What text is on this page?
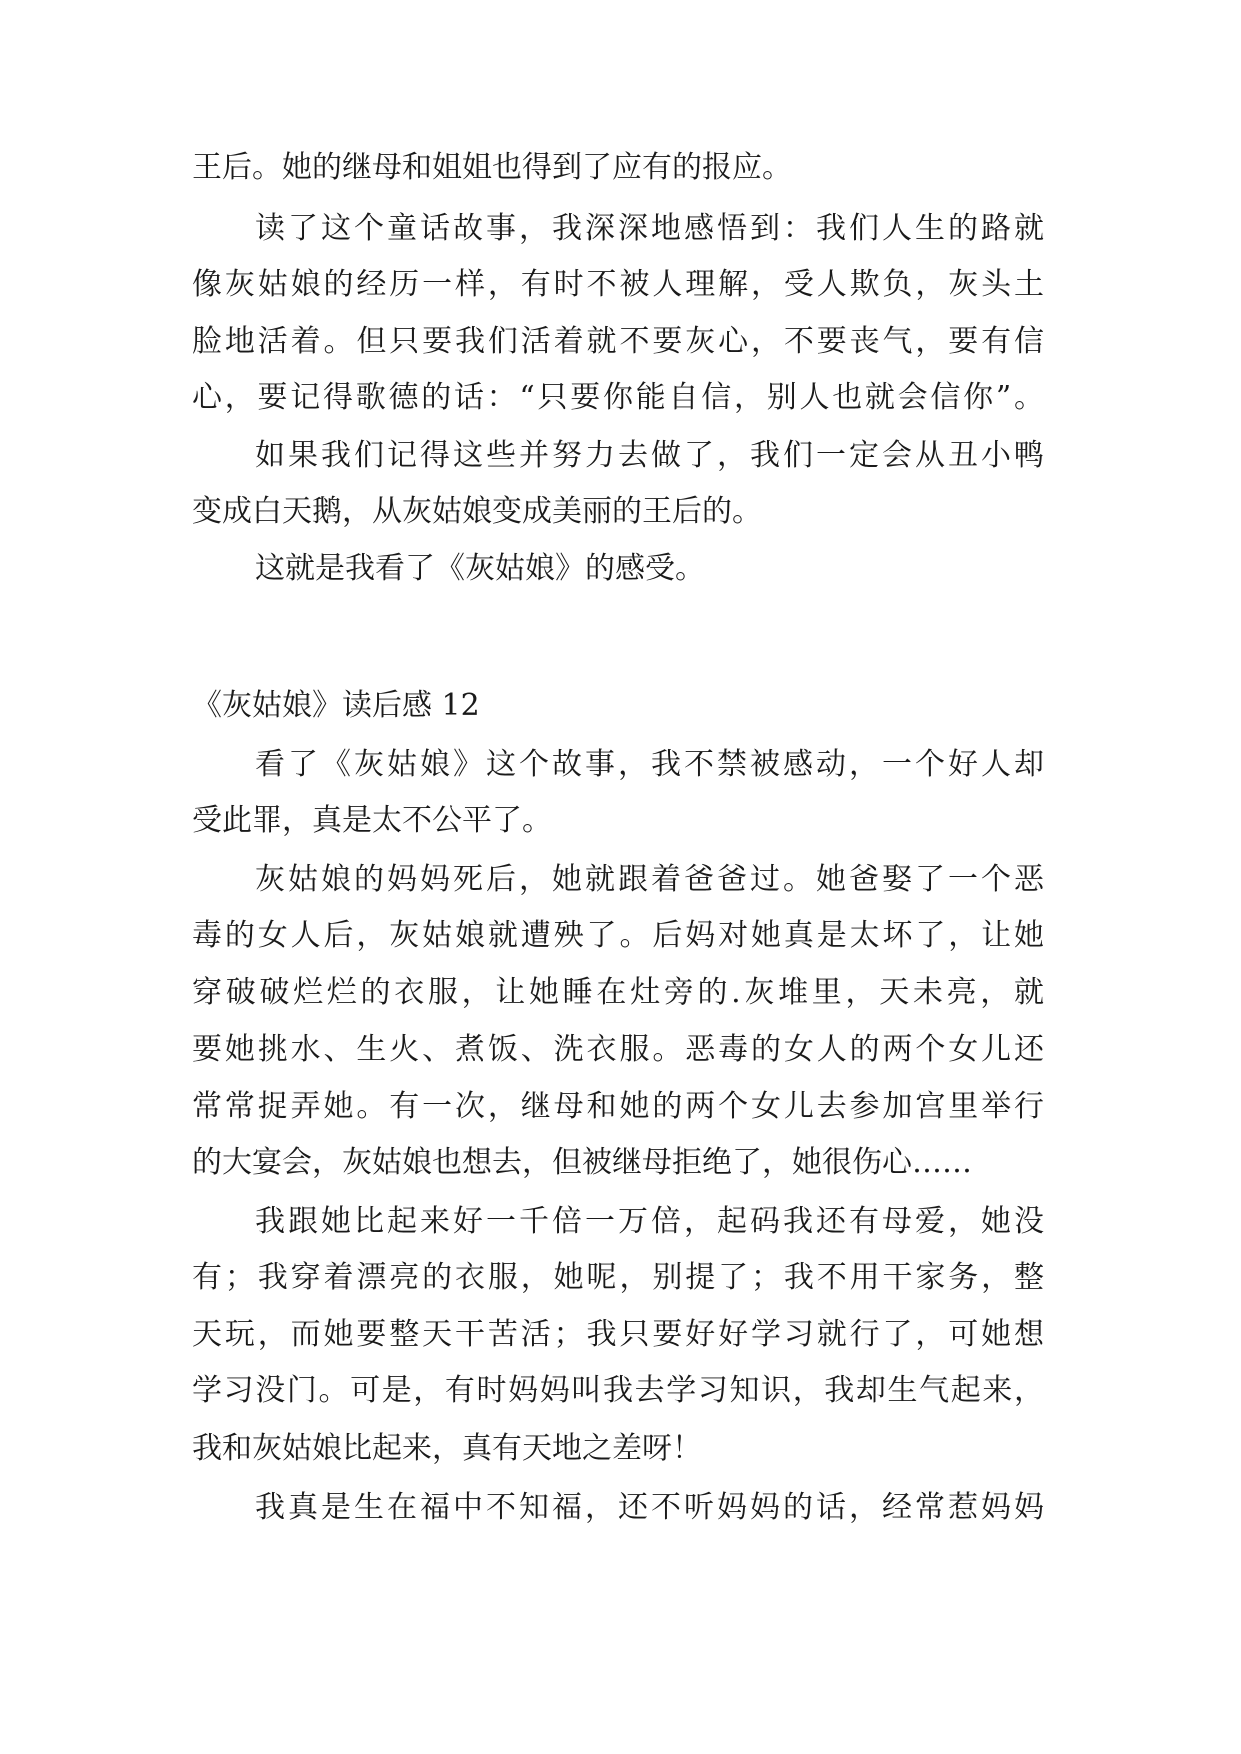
王后。她的继母和姐姐也得到了应有的报应。
读了这个童话故事，我深深地感悟到：我们人生的路就
像灰姑娘的经历一样，有时不被人理解，受人欺负，灰头土
脸地活着。但只要我们活着就不要灰心，不要丧气，要有信
心，要记得歌德的话：“只要你能自信，别人也就会信你”。
如果我们记得这些并努力去做了，我们一定会从丑小鸭
变成白天鹅，从灰姑娘变成美丽的王后的。
这就是我看了《灰姑娘》的感受。
《灰姑娘》读后感 12
看了《灰姑娘》这个故事，我不禁被感动，一个好人却
受此罪，真是太不公平了。
灰姑娘的妈妈死后，她就跟着爸爸过。她爸娶了一个恶
毒的女人后，灰姑娘就遭殃了。后妈对她真是太坏了，让她
穿破破烂烂的衣服，让她睡在灶旁的.灰堆里，天未亮，就
要她挑水、生火、煮饭、洗衣服。恶毒的女人的两个女儿还
常常捉弄她。有一次，继母和她的两个女儿去参加宫里举行
的大宴会，灰姑娘也想去，但被继母拒绝了，她很伤心……
我跟她比起来好一千倍一万倍，起码我还有母爱，她没
有；我穿着漂亮的衣服，她呢，别提了；我不用干家务，整
天玩，而她要整天干苦活；我只要好好学习就行了，可她想
学习没门。可是，有时妈妈叫我去学习知识，我却生气起来，
我和灰姑娘比起来，真有天地之差呀！
我真是生在福中不知福，还不听妈妈的话，经常惹妈妈
